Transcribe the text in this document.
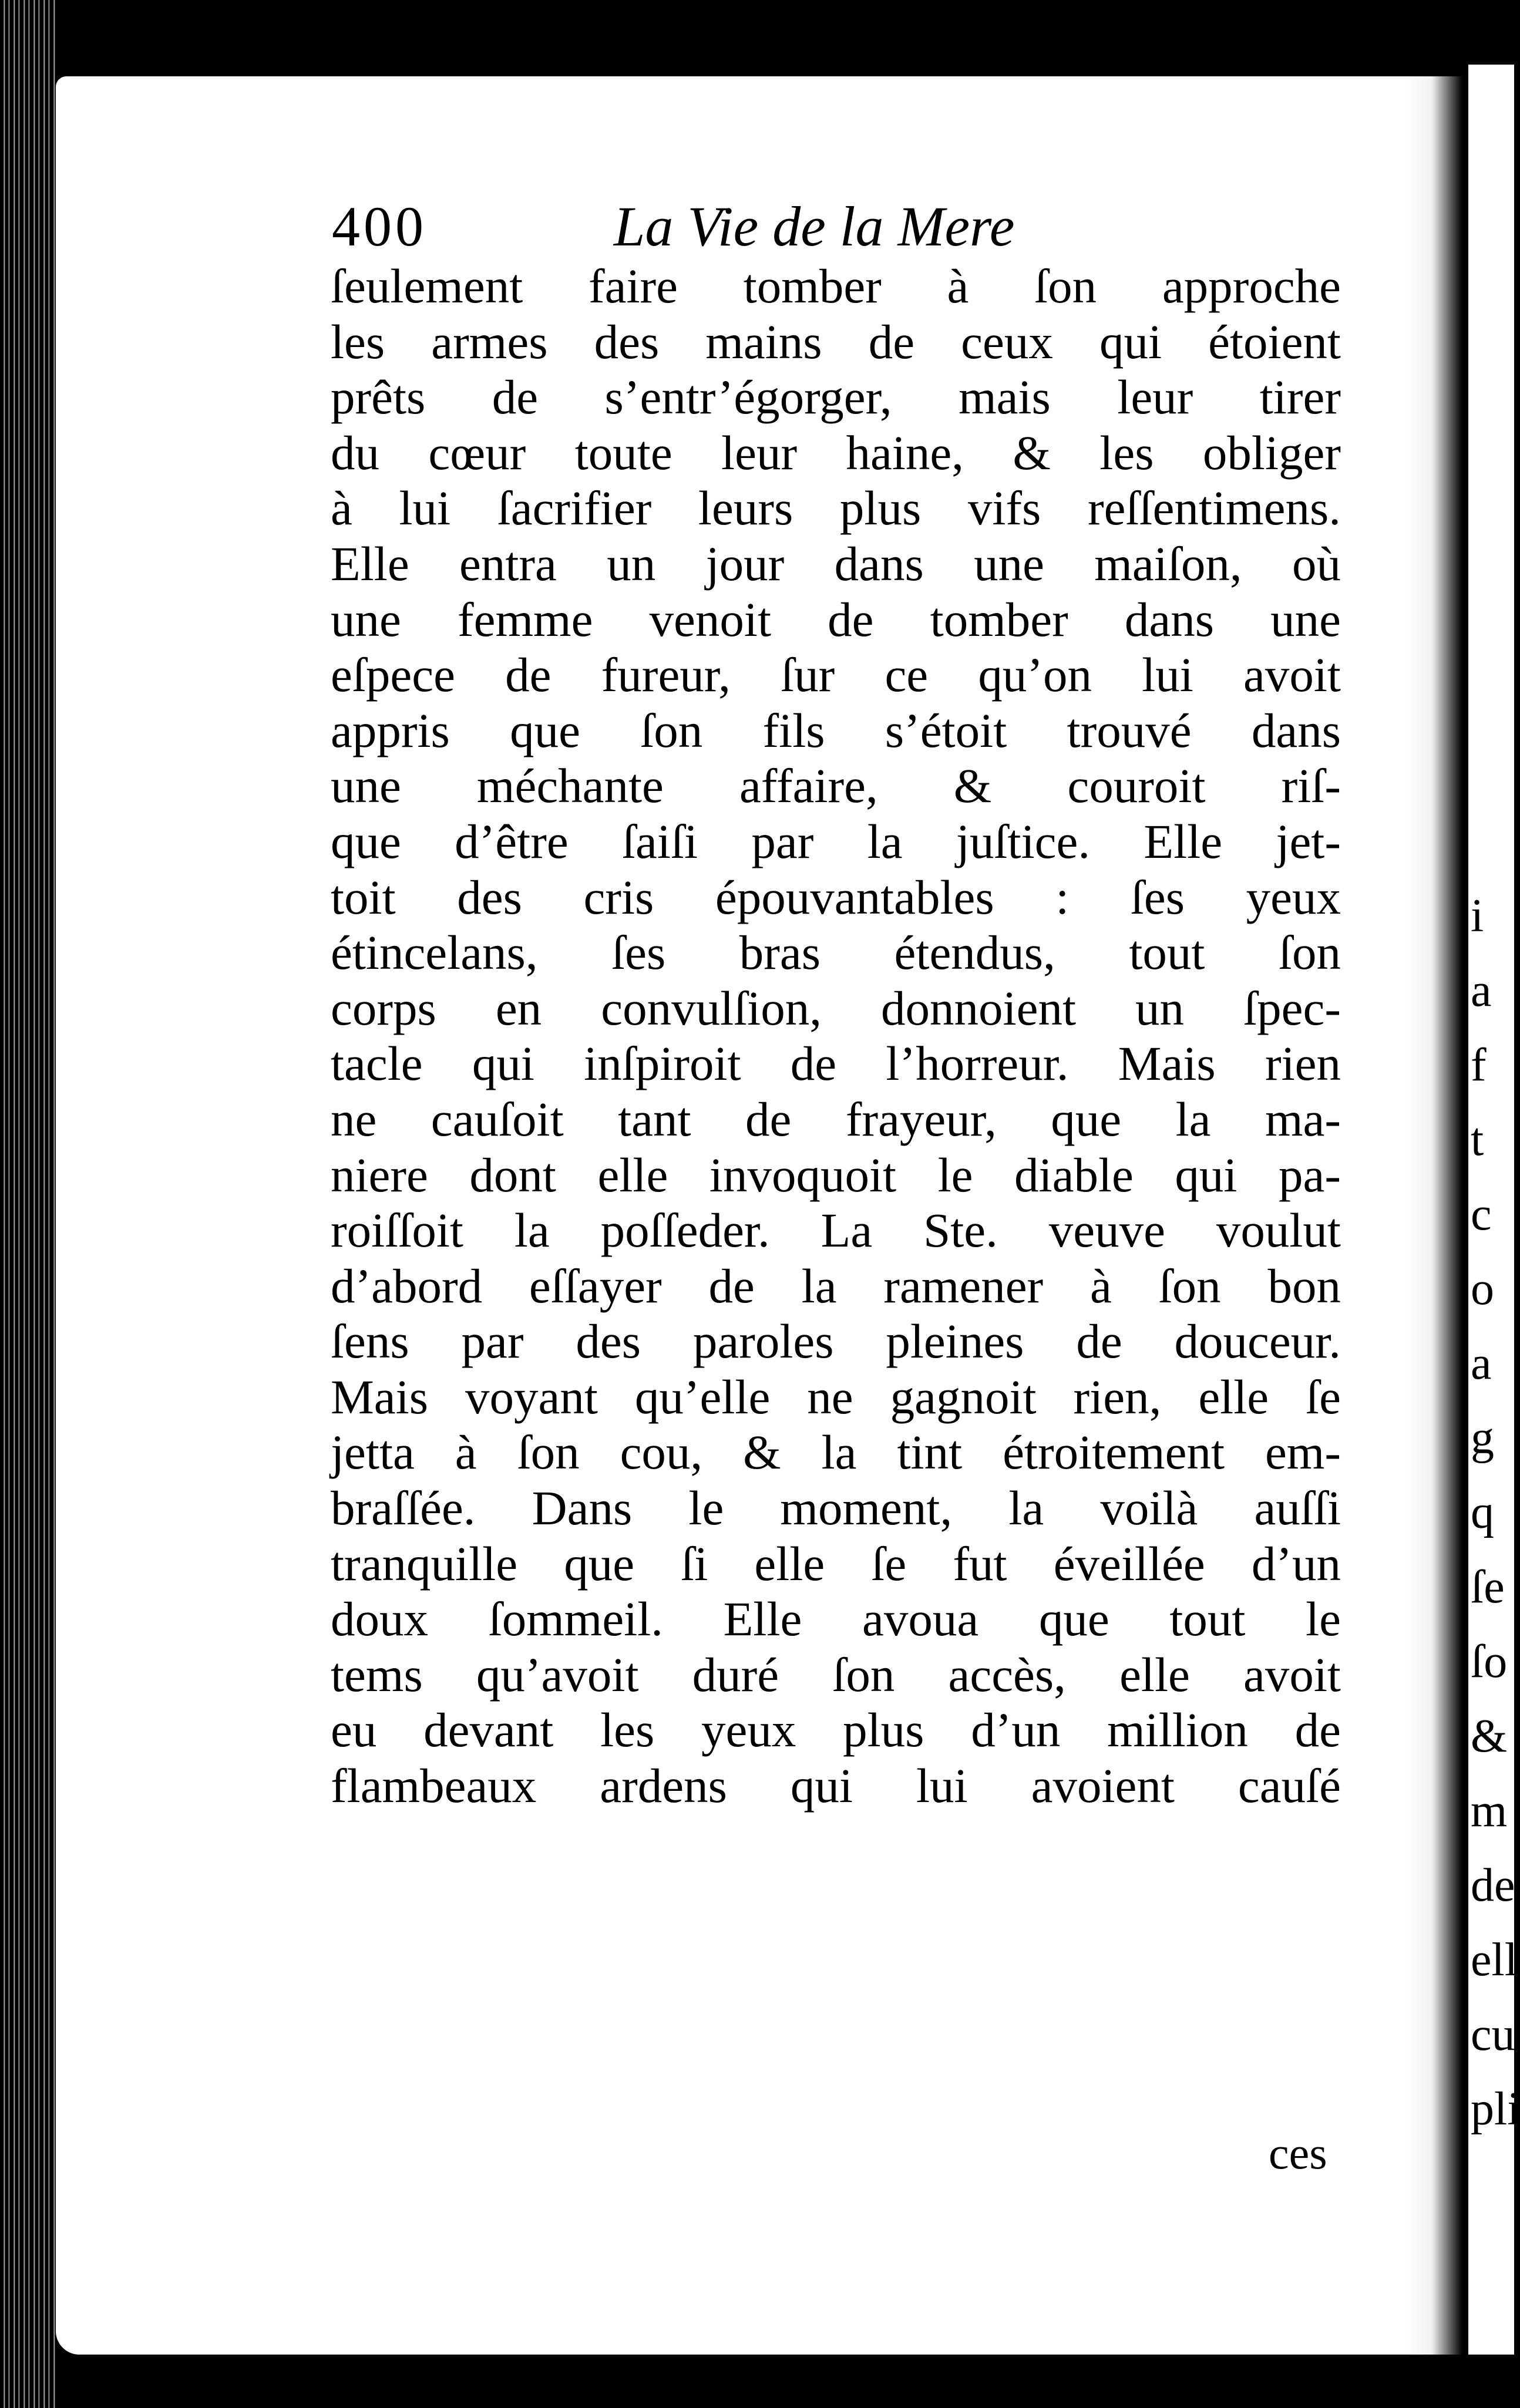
i
a
f
t
c
o
a
g
q
ſe
ſo
&
m
de
ell
cu
pli
400	La Vie de la Mere
ſeulement faire tomber à ſon approche
les armes des mains de ceux qui étoient
prêts de s’entr’égorger, mais leur tirer
du cœur toute leur haine, & les obliger
à lui ſacrifier leurs plus vifs reſſentimens.
Elle entra un jour dans une maiſon, où
une femme venoit de tomber dans une
eſpece de fureur, ſur ce qu’on lui avoit
appris que ſon fils s’étoit trouvé dans
une méchante affaire, & couroit riſ-
que d’être ſaiſi par la juſtice. Elle jet-
toit des cris épouvantables : ſes yeux
étincelans, ſes bras étendus, tout ſon
corps en convulſion, donnoient un ſpec-
tacle qui inſpiroit de l’horreur. Mais rien
ne cauſoit tant de frayeur, que la ma-
niere dont elle invoquoit le diable qui pa-
roiſſoit la poſſeder. La Ste. veuve voulut
d’abord eſſayer de la ramener à ſon bon
ſens par des paroles pleines de douceur.
Mais voyant qu’elle ne gagnoit rien, elle ſe
jetta à ſon cou, & la tint étroitement em-
braſſée. Dans le moment, la voilà auſſi
tranquille que ſi elle ſe fut éveillée d’un
doux ſommeil. Elle avoua que tout le
tems qu’avoit duré ſon accès, elle avoit
eu devant les yeux plus d’un million de
flambeaux ardens qui lui avoient cauſé
ces
